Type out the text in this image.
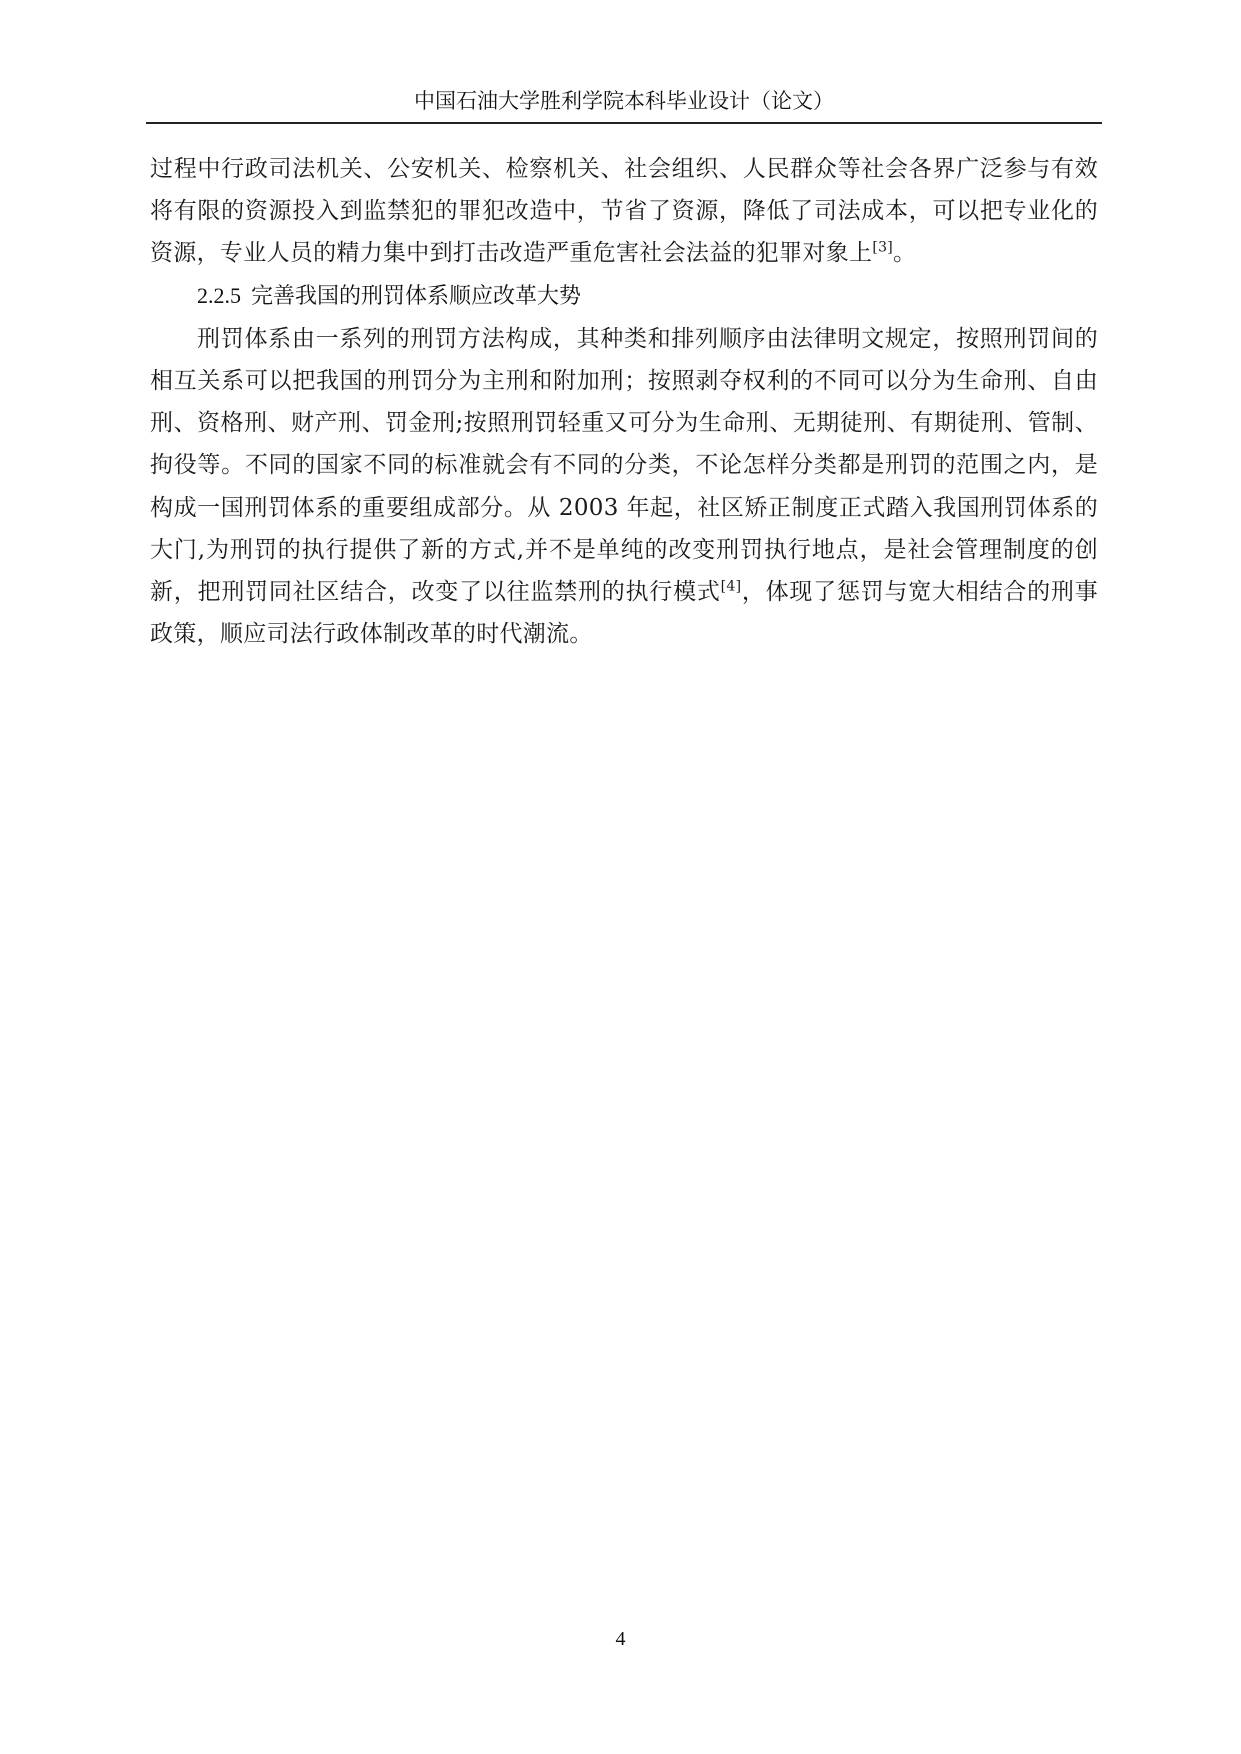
中国石油大学胜利学院本科毕业设计（论文）

过程中行政司法机关、公安机关、检察机关、社会组织、人民群众等社会各界广泛参与有效将有限的资源投入到监禁犯的罪犯改造中，节省了资源，降低了司法成本，可以把专业化的资源，专业人员的精力集中到打击改造严重危害社会法益的犯罪对象上[3]。

2.2.5 完善我国的刑罚体系顺应改革大势

刑罚体系由一系列的刑罚方法构成，其种类和排列顺序由法律明文规定，按照刑罚间的相互关系可以把我国的刑罚分为主刑和附加刑；按照剥夺权利的不同可以分为生命刑、自由刑、资格刑、财产刑、罚金刑;按照刑罚轻重又可分为生命刑、无期徒刑、有期徒刑、管制、拘役等。不同的国家不同的标准就会有不同的分类，不论怎样分类都是刑罚的范围之内，是构成一国刑罚体系的重要组成部分。从 2003 年起，社区矫正制度正式踏入我国刑罚体系的大门,为刑罚的执行提供了新的方式,并不是单纯的改变刑罚执行地点，是社会管理制度的创新，把刑罚同社区结合，改变了以往监禁刑的执行模式[4]，体现了惩罚与宽大相结合的刑事政策，顺应司法行政体制改革的时代潮流。

4
